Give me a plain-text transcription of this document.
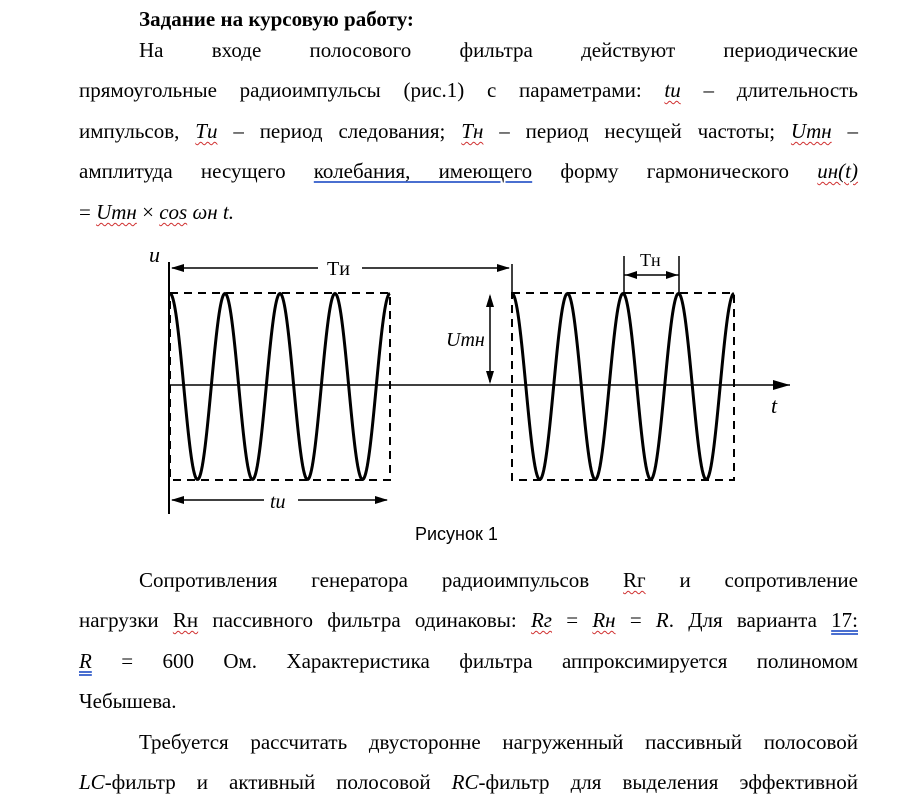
Задание на курсовую работу:
На входе полосового фильтра действуют периодические
прямоугольные радиоимпульсы (рис.1) с параметрами: tи – длительность
импульсов, Tи – период следования; Tн – период несущей частоты; Uтн –
амплитуда несущего колебания, имеющего форму гармонического uн(t)
= Uтн × cos ωн t.
u
t
Tи	Tн
Umн
tи
Рисунок 1
Сопротивления генератора радиоимпульсов Rг и сопротивление
нагрузки Rн пассивного фильтра одинаковы: Rг = Rн = R. Для варианта 17:
R = 600 Ом. Характеристика фильтра аппроксимируется полиномом
Чебышева.
Требуется рассчитать двусторонне нагруженный пассивный полосовой
LC-фильтр и активный полосовой RC-фильтр для выделения эффективной
